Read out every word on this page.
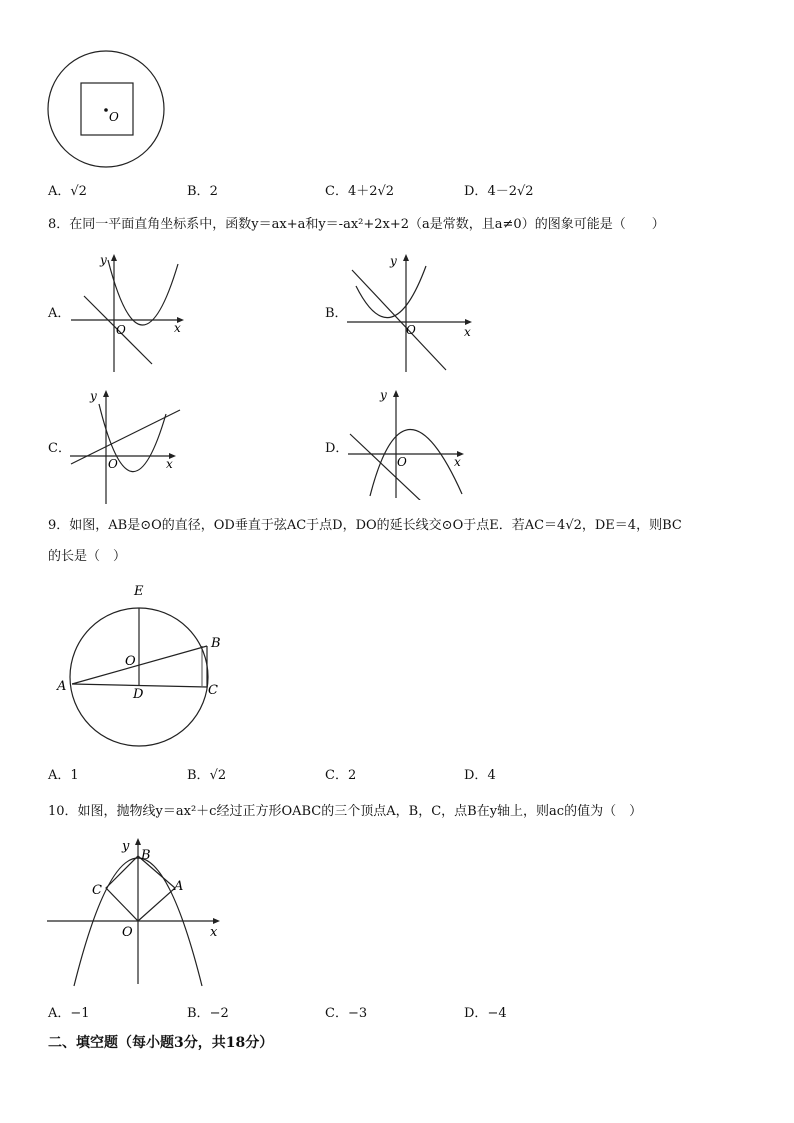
O
A．√2	B．2	C．4＋2√2	D．4－2√2
8．在同一平面直角坐标系中，函数y＝ax+a和y＝-ax²+2x+2（a是常数，且a≠0）的图象可能是（　　）
A．
y
O	x
B．
y
O	x
C．
y
O	x
D．
y
O	x
9．如图，AB是⊙O的直径，OD垂直于弦AC于点D，DO的延长线交⊙O于点E．若AC＝4√2，DE＝4，则BC
的长是（　）
E
B
O
A
D	C
A．1	B．√2	C．2	D．4
10．如图，抛物线y＝ax²＋c经过正方形OABC的三个顶点A，B，C，点B在y轴上，则ac的值为（　）
y
B
C	A
O	x
A．−1	B．−2	C．−3	D．−4
二、填空题（每小题3分，共18分）
